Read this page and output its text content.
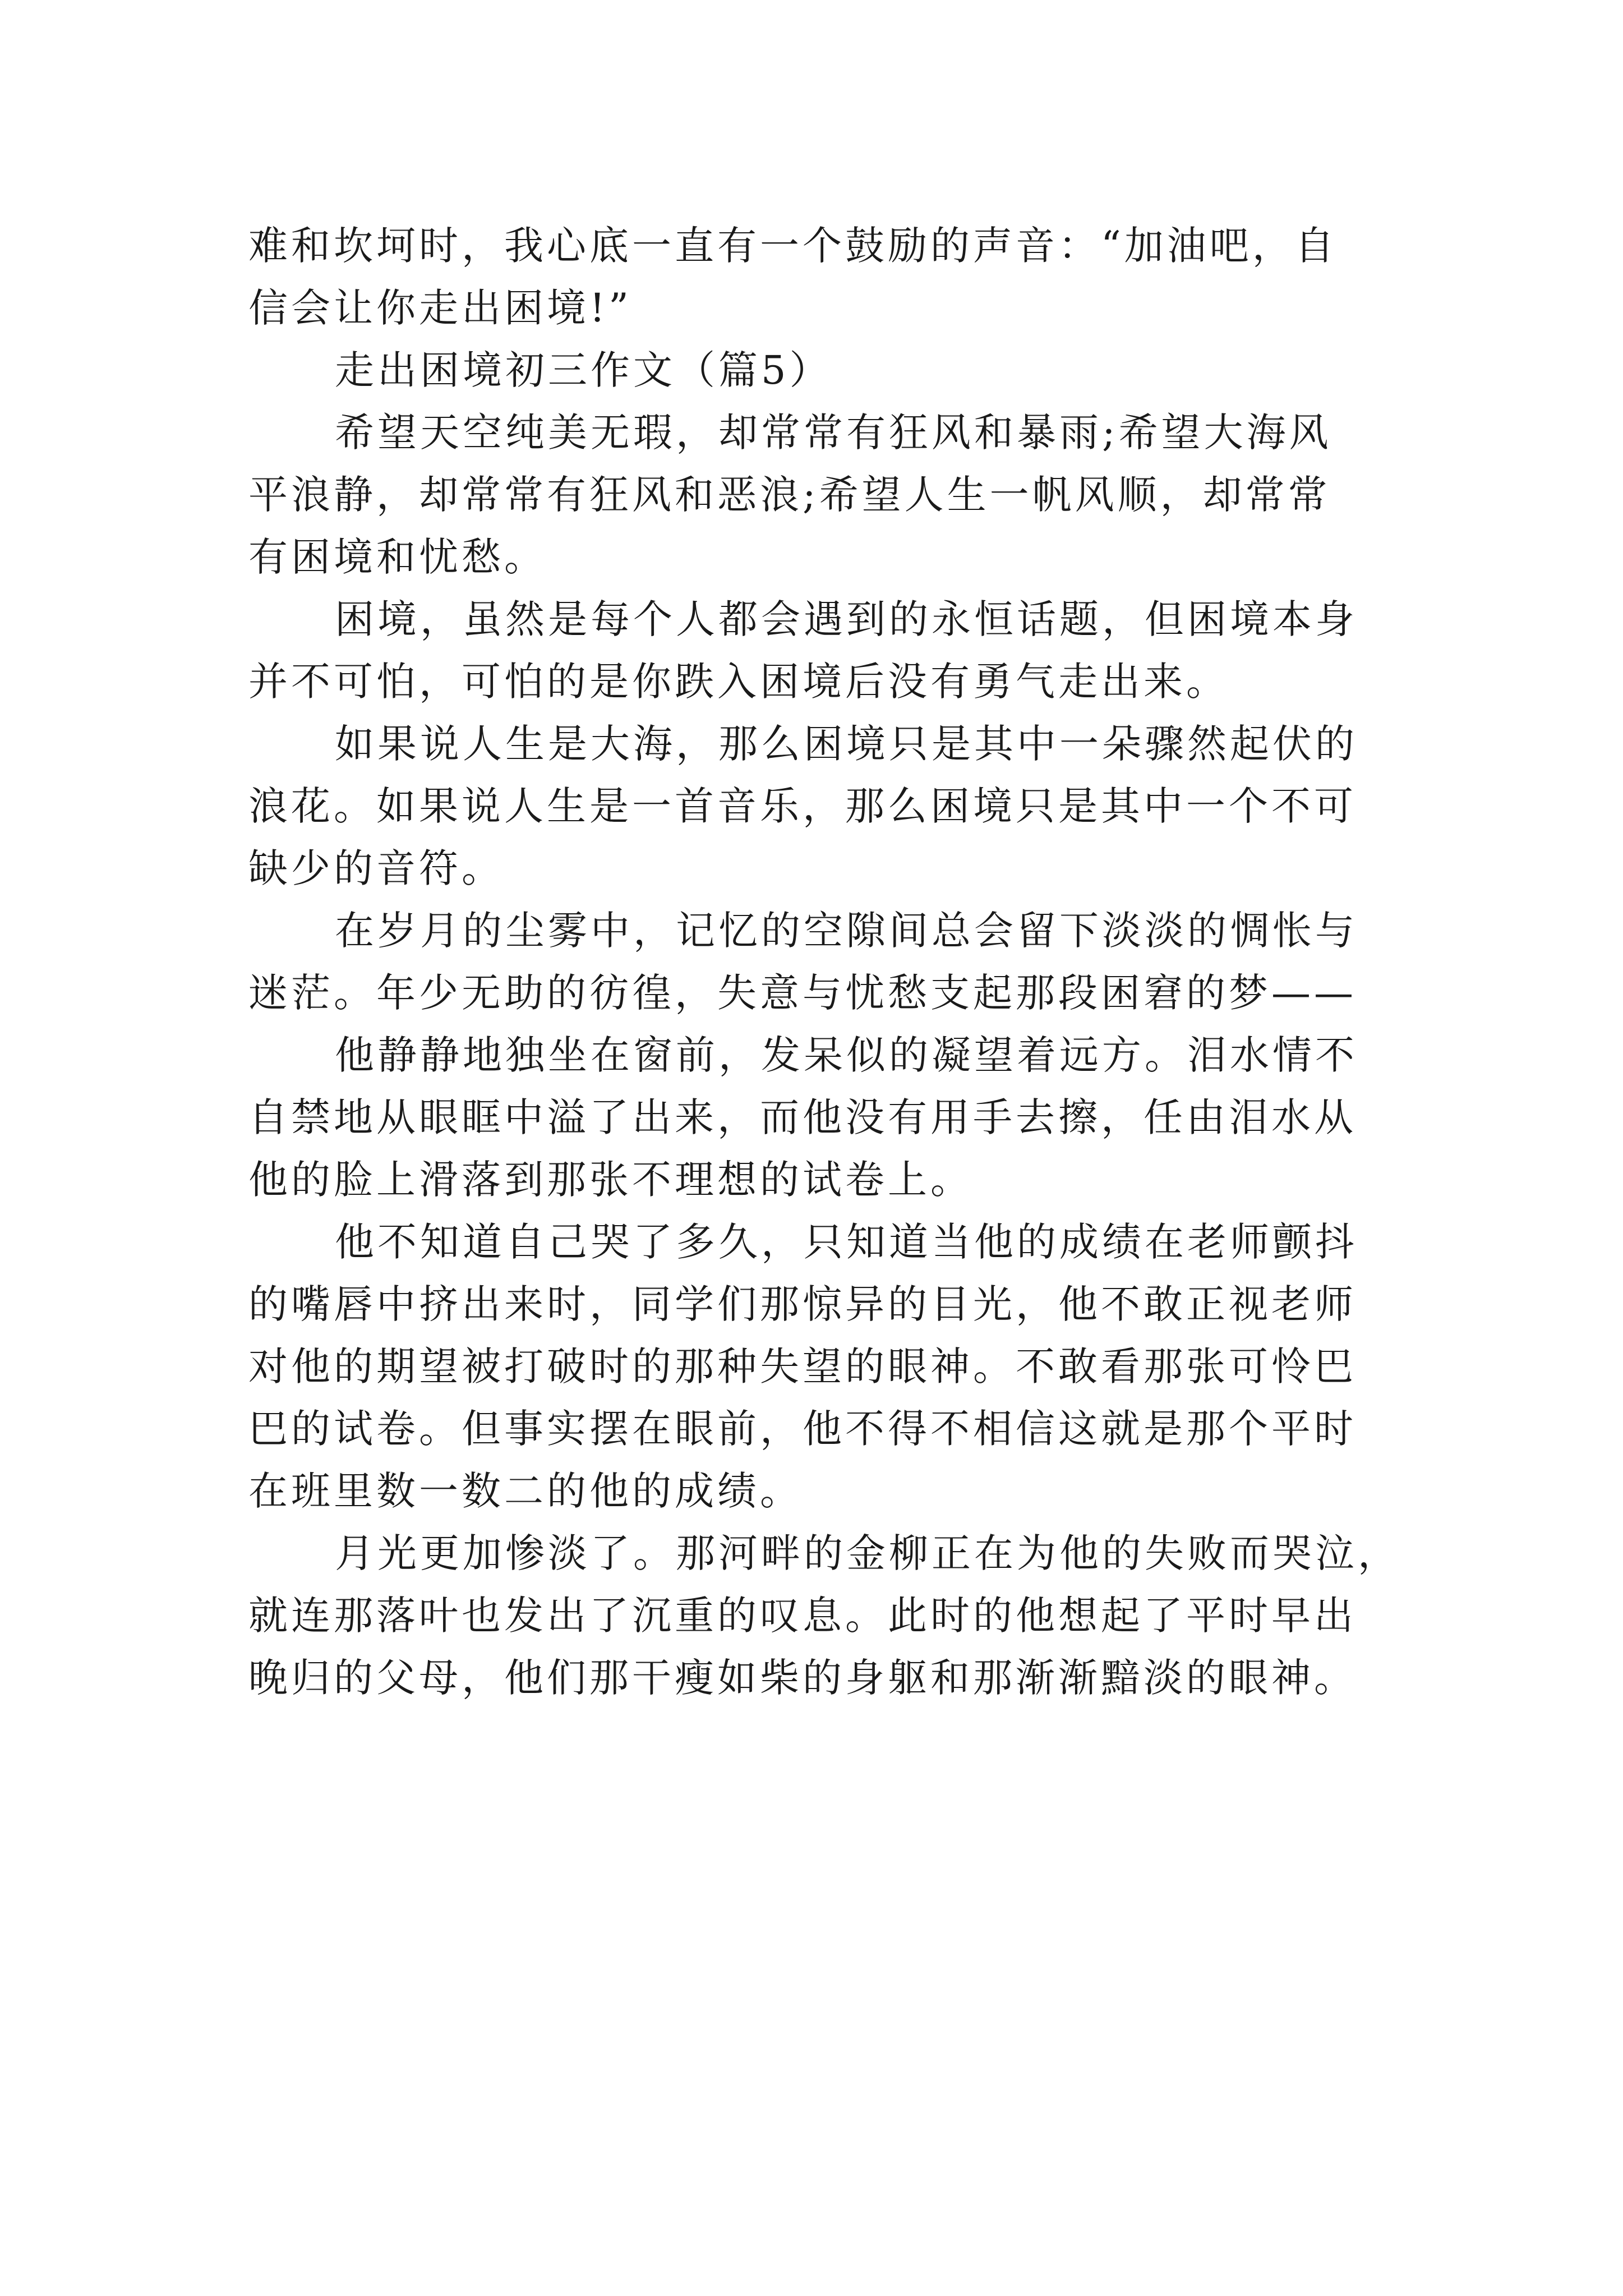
难和坎坷时，我心底一直有一个鼓励的声音：“加油吧，自

信会让你走出困境!”

走出困境初三作文（篇5）

希望天空纯美无瑕，却常常有狂风和暴雨;希望大海风

平浪静，却常常有狂风和恶浪;希望人生一帆风顺，却常常

有困境和忧愁。

困境，虽然是每个人都会遇到的永恒话题，但困境本身

并不可怕，可怕的是你跌入困境后没有勇气走出来。

如果说人生是大海，那么困境只是其中一朵骤然起伏的

浪花。如果说人生是一首音乐，那么困境只是其中一个不可

缺少的音符。

在岁月的尘雾中，记忆的空隙间总会留下淡淡的惆怅与

迷茫。年少无助的彷徨，失意与忧愁支起那段困窘的梦——

他静静地独坐在窗前，发呆似的凝望着远方。泪水情不

自禁地从眼眶中溢了出来，而他没有用手去擦，任由泪水从

他的脸上滑落到那张不理想的试卷上。

他不知道自己哭了多久，只知道当他的成绩在老师颤抖

的嘴唇中挤出来时，同学们那惊异的目光，他不敢正视老师

对他的期望被打破时的那种失望的眼神。不敢看那张可怜巴

巴的试卷。但事实摆在眼前，他不得不相信这就是那个平时

在班里数一数二的他的成绩。

月光更加惨淡了。那河畔的金柳正在为他的失败而哭泣，

就连那落叶也发出了沉重的叹息。此时的他想起了平时早出

晚归的父母，他们那干瘦如柴的身躯和那渐渐黯淡的眼神。
